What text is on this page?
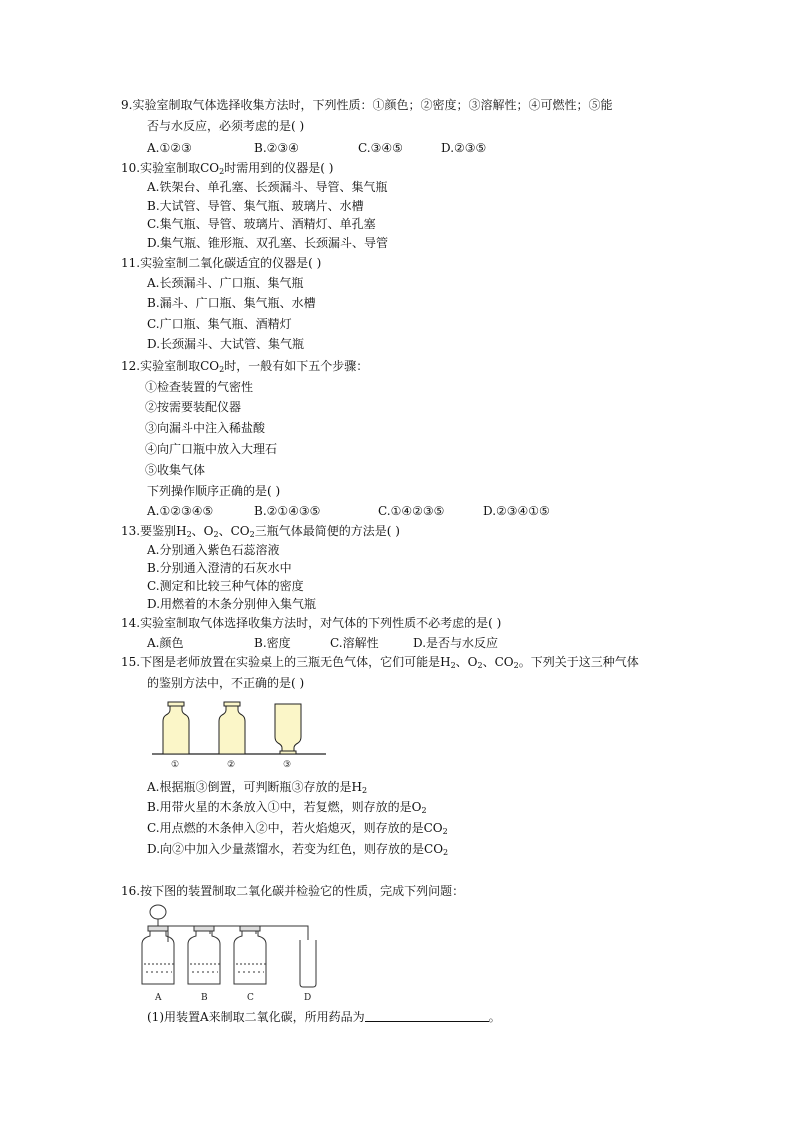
9.实验室制取气体选择收集方法时，下列性质：①颜色；②密度；③溶解性；④可燃性；⑤能
否与水反应，必须考虑的是( )
A.①②③	B.②③④	C.③④⑤	D.②③⑤
10.实验室制取$CO_2$时需用到的仪器是( )
A.铁架台、单孔塞、长颈漏斗、导管、集气瓶
B.大试管、导管、集气瓶、玻璃片、水槽
C.集气瓶、导管、玻璃片、酒精灯、单孔塞
D.集气瓶、锥形瓶、双孔塞、长颈漏斗、导管
11.实验室制二氧化碳适宜的仪器是( )
A.长颈漏斗、广口瓶、集气瓶
B.漏斗、广口瓶、集气瓶、水槽
C.广口瓶、集气瓶、酒精灯
D.长颈漏斗、大试管、集气瓶
12.实验室制取$CO_2$时，一般有如下五个步骤：
①检查装置的气密性
②按需要装配仪器
③向漏斗中注入稀盐酸
④向广口瓶中放入大理石
⑤收集气体
下列操作顺序正确的是( )
A.①②③④⑤	B.②①④③⑤	C.①④②③⑤	D.②③④①⑤
13.要鉴别$H_2$、$O_2$、$CO_2$三瓶气体最简便的方法是( )
A.分别通入紫色石蕊溶液
B.分别通入澄清的石灰水中
C.测定和比较三种气体的密度
D.用燃着的木条分别伸入集气瓶
14.实验室制取气体选择收集方法时，对气体的下列性质不必考虑的是( )
A.颜色	B.密度	C.溶解性	D.是否与水反应
15.下图是老师放置在实验桌上的三瓶无色气体，它们可能是$H_2$、$O_2$、$CO_2$。下列关于这三种气体
的鉴别方法中，不正确的是( )
①	②	③
A.根据瓶③倒置，可判断瓶③存放的是$H_2$
B.用带火星的木条放入①中，若复燃，则存放的是$O_2$
C.用点燃的木条伸入②中，若火焰熄灭，则存放的是$CO_2$
D.向②中加入少量蒸馏水，若变为红色，则存放的是$CO_2$
16.按下图的装置制取二氧化碳并检验它的性质，完成下列问题：
A	B	C	D
(1)用装置A来制取二氧化碳，所用药品为	。
